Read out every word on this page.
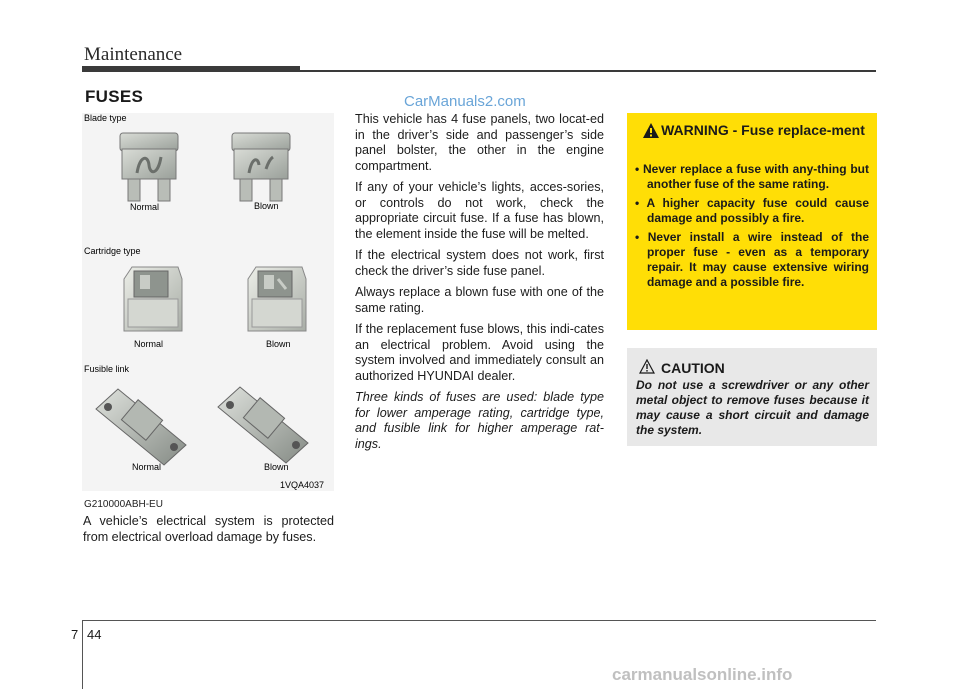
Maintenance
FUSES	CarManuals2.com
Blade type
Normal	Blown
Cartridge type
Normal	Blown
Fusible link
Normal	Blown
1VQA4037
G210000ABH-EU
A vehicle’s electrical system is protected from electrical overload damage by fuses.

This vehicle has 4 fuse panels, two locat-ed in the driver’s side and passenger’s side panel bolster, the other in the engine compartment.

If any of your vehicle’s lights, acces-sories, or controls do not work, check the appropriate circuit fuse. If a fuse has blown, the element inside the fuse will be melted.

If the electrical system does not work, first check the driver’s side fuse panel.

Always replace a blown fuse with one of the same rating.

If the replacement fuse blows, this indi-cates an electrical problem. Avoid using the system involved and immediately consult an authorized HYUNDAI dealer.

Three kinds of fuses are used: blade type for lower amperage rating, cartridge type, and fusible link for higher amperage rat-ings.

WARNING - Fuse replace-ment
• Never replace a fuse with any-thing but another fuse of the same rating.
• A higher capacity fuse could cause damage and possibly a fire.
• Never install a wire instead of the proper fuse - even as a temporary repair. It may cause extensive wiring damage and a possible fire.
CAUTION
Do not use a screwdriver or any other metal object to remove fuses because it may cause a short circuit and damage the system.
7 44
carmanualsonline.info
